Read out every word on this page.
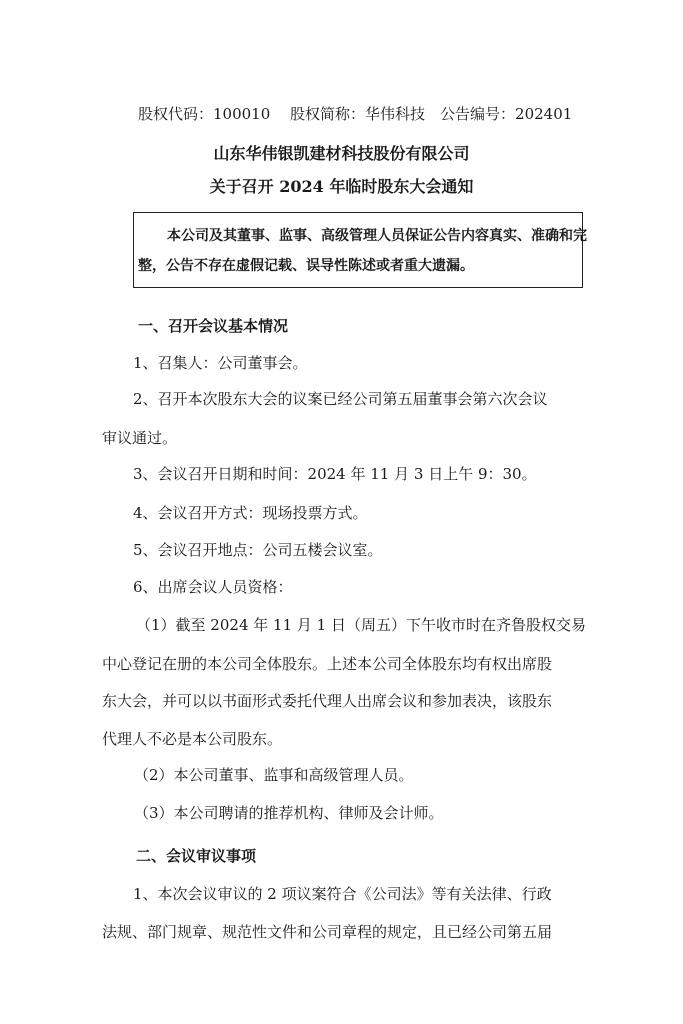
股权代码：100010　 股权简称：华伟科技　公告编号：202401
山东华伟银凯建材科技股份有限公司
关于召开 2024 年临时股东大会通知
本公司及其董事、监事、高级管理人员保证公告内容真实、准确和完
整，公告不存在虚假记载、误导性陈述或者重大遗漏。
一、召开会议基本情况
1、召集人：公司董事会。
2、召开本次股东大会的议案已经公司第五届董事会第六次会议
审议通过。
3、会议召开日期和时间：2024 年 11 月 3 日上午 9：30。
4、会议召开方式：现场投票方式。
5、会议召开地点：公司五楼会议室。
6、出席会议人员资格：
（1）截至 2024 年 11 月 1 日（周五）下午收市时在齐鲁股权交易
中心登记在册的本公司全体股东。上述本公司全体股东均有权出席股
东大会，并可以以书面形式委托代理人出席会议和参加表决，该股东
代理人不必是本公司股东。
（2）本公司董事、监事和高级管理人员。
（3）本公司聘请的推荐机构、律师及会计师。
二、会议审议事项
1、本次会议审议的 2 项议案符合《公司法》等有关法律、行政
法规、部门规章、规范性文件和公司章程的规定，且已经公司第五届
